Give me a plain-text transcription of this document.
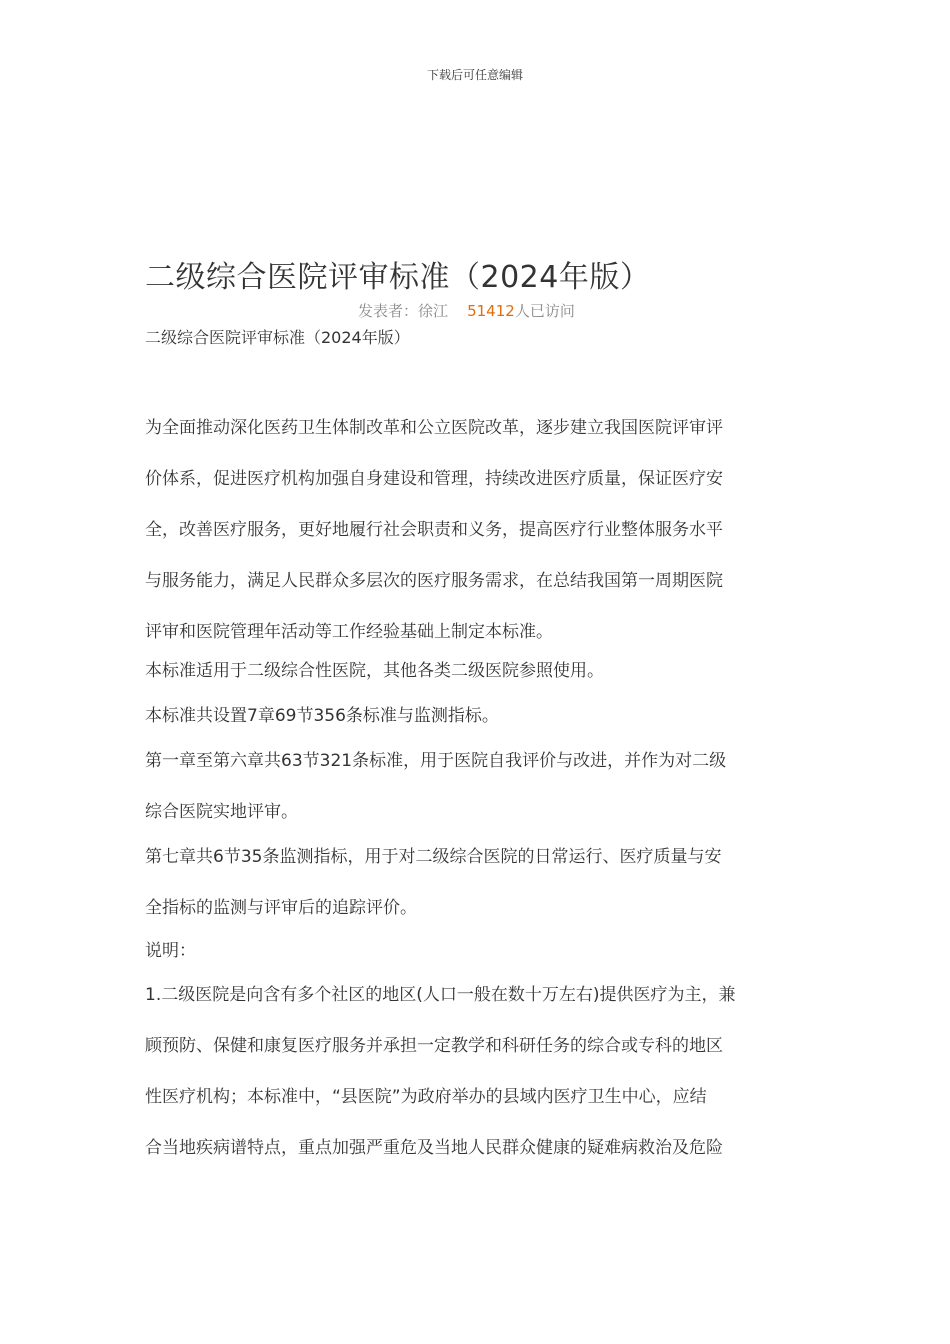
下载后可任意编辑
二级综合医院评审标准（2024年版）
发表者：徐江 51412人已访问
二级综合医院评审标准（2024年版）
为全面推动深化医药卫生体制改革和公立医院改革，逐步建立我国医院评审评
价体系，促进医疗机构加强自身建设和管理，持续改进医疗质量，保证医疗安
全，改善医疗服务，更好地履行社会职责和义务，提高医疗行业整体服务水平
与服务能力，满足人民群众多层次的医疗服务需求，在总结我国第一周期医院
评审和医院管理年活动等工作经验基础上制定本标准。
本标准适用于二级综合性医院，其他各类二级医院参照使用。
本标准共设置7章69节356条标准与监测指标。
第一章至第六章共63节321条标准，用于医院自我评价与改进，并作为对二级
综合医院实地评审。
第七章共6节35条监测指标，用于对二级综合医院的日常运行、医疗质量与安
全指标的监测与评审后的追踪评价。
说明：
1.二级医院是向含有多个社区的地区(人口一般在数十万左右)提供医疗为主，兼
顾预防、保健和康复医疗服务并承担一定教学和科研任务的综合或专科的地区
性医疗机构；本标准中，“县医院”为政府举办的县域内医疗卫生中心，应结
合当地疾病谱特点，重点加强严重危及当地人民群众健康的疑难病救治及危险
